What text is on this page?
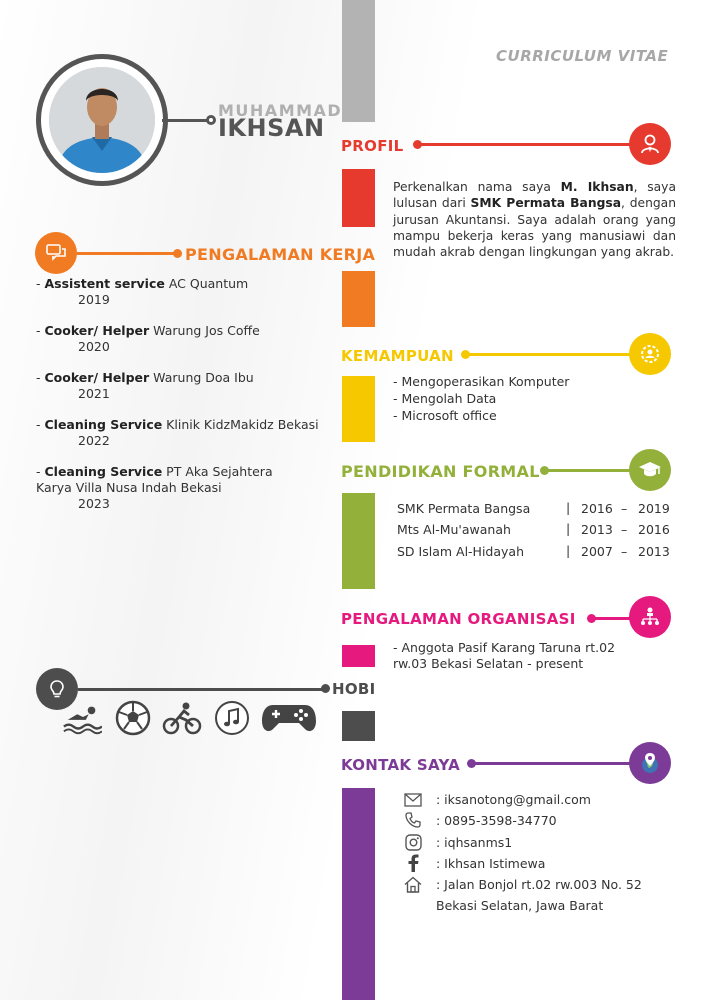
CURRICULUM VITAE
MUHAMMAD
IKHSAN
PROFIL
Perkenalkan nama saya M. Ikhsan, saya lulusan dari SMK Permata Bangsa, dengan jurusan Akuntansi. Saya adalah orang yang mampu bekerja keras yang manusiawi dan mudah akrab dengan lingkungan yang akrab.
PENGALAMAN KERJA
- Assistent service AC Quantum
2019
- Cooker/ Helper Warung Jos Coffe
2020
- Cooker/ Helper Warung Doa Ibu
2021
- Cleaning Service Klinik KidzMakidz Bekasi
2022
- Cleaning Service PT Aka Sejahtera Karya Villa Nusa Indah Bekasi
2023
KEMAMPUAN
- Mengoperasikan Komputer
- Mengolah Data
- Microsoft office
PENDIDIKAN FORMAL
SMK Permata Bangsa	| 2016 – 2019
Mts Al-Mu'awanah	| 2013 – 2016
SD Islam Al-Hidayah	| 2007 – 2013
PENGALAMAN ORGANISASI
- Anggota Pasif Karang Taruna rt.02 rw.03 Bekasi Selatan - present
HOBI
KONTAK SAYA
: iksanotong@gmail.com
: 0895-3598-34770
: iqhsanms1
: Ikhsan Istimewa
: Jalan Bonjol rt.02 rw.003 No. 52
Bekasi Selatan, Jawa Barat
